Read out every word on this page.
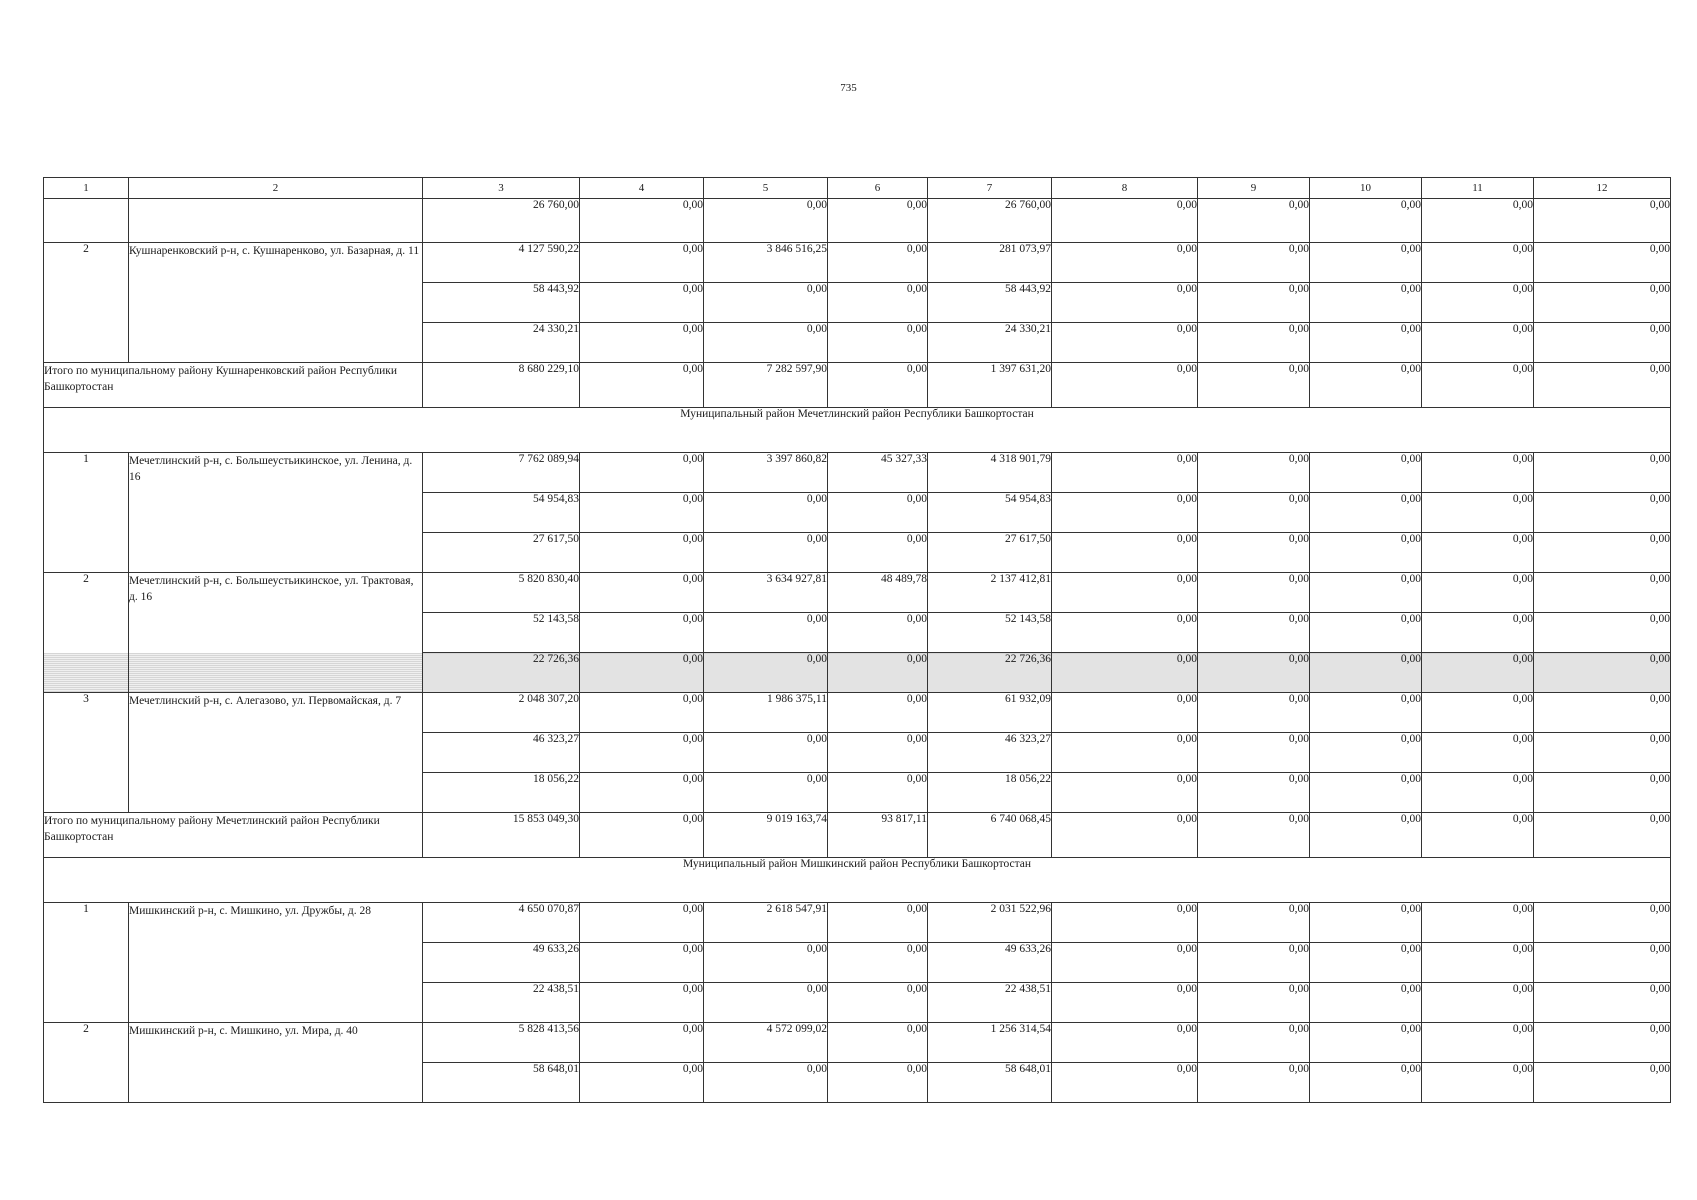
735
1	2	3	4	5	6	7	8	9	10	11	12
		26 760,00	0,00	0,00	0,00	26 760,00	0,00	0,00	0,00	0,00	0,00
2	Кушнаренковский р-н, с. Кушнаренково, ул. Базарная, д. 11	4 127 590,22	0,00	3 846 516,25	0,00	281 073,97	0,00	0,00	0,00	0,00	0,00
		58 443,92	0,00	0,00	0,00	58 443,92	0,00	0,00	0,00	0,00	0,00
		24 330,21	0,00	0,00	0,00	24 330,21	0,00	0,00	0,00	0,00	0,00
Итого по муниципальному району Кушнаренковский район Республики Башкортостан		8 680 229,10	0,00	7 282 597,90	0,00	1 397 631,20	0,00	0,00	0,00	0,00	0,00
Муниципальный район Мечетлинский район Республики Башкортостан											
1	Мечетлинский р-н, с. Большеустьикинское, ул. Ленина, д. 16	7 762 089,94	0,00	3 397 860,82	45 327,33	4 318 901,79	0,00	0,00	0,00	0,00	0,00
		54 954,83	0,00	0,00	0,00	54 954,83	0,00	0,00	0,00	0,00	0,00
		27 617,50	0,00	0,00	0,00	27 617,50	0,00	0,00	0,00	0,00	0,00
2	Мечетлинский р-н, с. Большеустьикинское, ул. Трактовая, д. 16	5 820 830,40	0,00	3 634 927,81	48 489,78	2 137 412,81	0,00	0,00	0,00	0,00	0,00
		52 143,58	0,00	0,00	0,00	52 143,58	0,00	0,00	0,00	0,00	0,00
		22 726,36	0,00	0,00	0,00	22 726,36	0,00	0,00	0,00	0,00	0,00
3	Мечетлинский р-н, с. Алегазово, ул. Первомайская, д. 7	2 048 307,20	0,00	1 986 375,11	0,00	61 932,09	0,00	0,00	0,00	0,00	0,00
		46 323,27	0,00	0,00	0,00	46 323,27	0,00	0,00	0,00	0,00	0,00
		18 056,22	0,00	0,00	0,00	18 056,22	0,00	0,00	0,00	0,00	0,00
Итого по муниципальному району Мечетлинский район Республики Башкортостан		15 853 049,30	0,00	9 019 163,74	93 817,11	6 740 068,45	0,00	0,00	0,00	0,00	0,00
Муниципальный район Мишкинский район Республики Башкортостан											
1	Мишкинский р-н, с. Мишкино, ул. Дружбы, д. 28	4 650 070,87	0,00	2 618 547,91	0,00	2 031 522,96	0,00	0,00	0,00	0,00	0,00
		49 633,26	0,00	0,00	0,00	49 633,26	0,00	0,00	0,00	0,00	0,00
		22 438,51	0,00	0,00	0,00	22 438,51	0,00	0,00	0,00	0,00	0,00
2	Мишкинский р-н, с. Мишкино, ул. Мира, д. 40	5 828 413,56	0,00	4 572 099,02	0,00	1 256 314,54	0,00	0,00	0,00	0,00	0,00
		58 648,01	0,00	0,00	0,00	58 648,01	0,00	0,00	0,00	0,00	0,00
